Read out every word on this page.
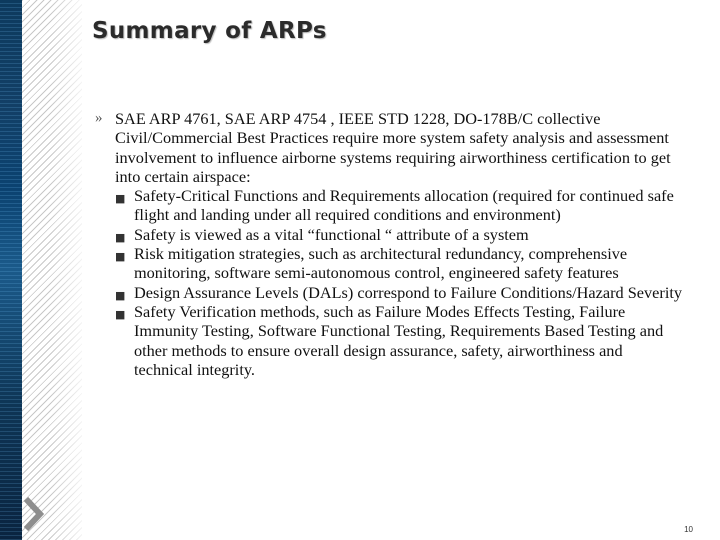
Summary of ARPs

» SAE ARP 4761, SAE ARP 4754 , IEEE STD 1228, DO-178B/C collective Civil/Commercial Best Practices require more system safety analysis and assessment involvement to influence airborne systems requiring airworthiness certification to get into certain airspace:

■ Safety-Critical Functions and Requirements allocation (required for continued safe flight and landing under all required conditions and environment)

■ Safety is viewed as a vital “functional “ attribute of a system

■ Risk mitigation strategies, such as architectural redundancy, comprehensive monitoring, software semi-autonomous control, engineered safety features

■ Design Assurance Levels (DALs) correspond to Failure Conditions/Hazard Severity

■ Safety Verification methods, such as Failure Modes Effects Testing, Failure Immunity Testing, Software Functional Testing, Requirements Based Testing and other methods to ensure overall design assurance, safety, airworthiness and technical integrity.

10
